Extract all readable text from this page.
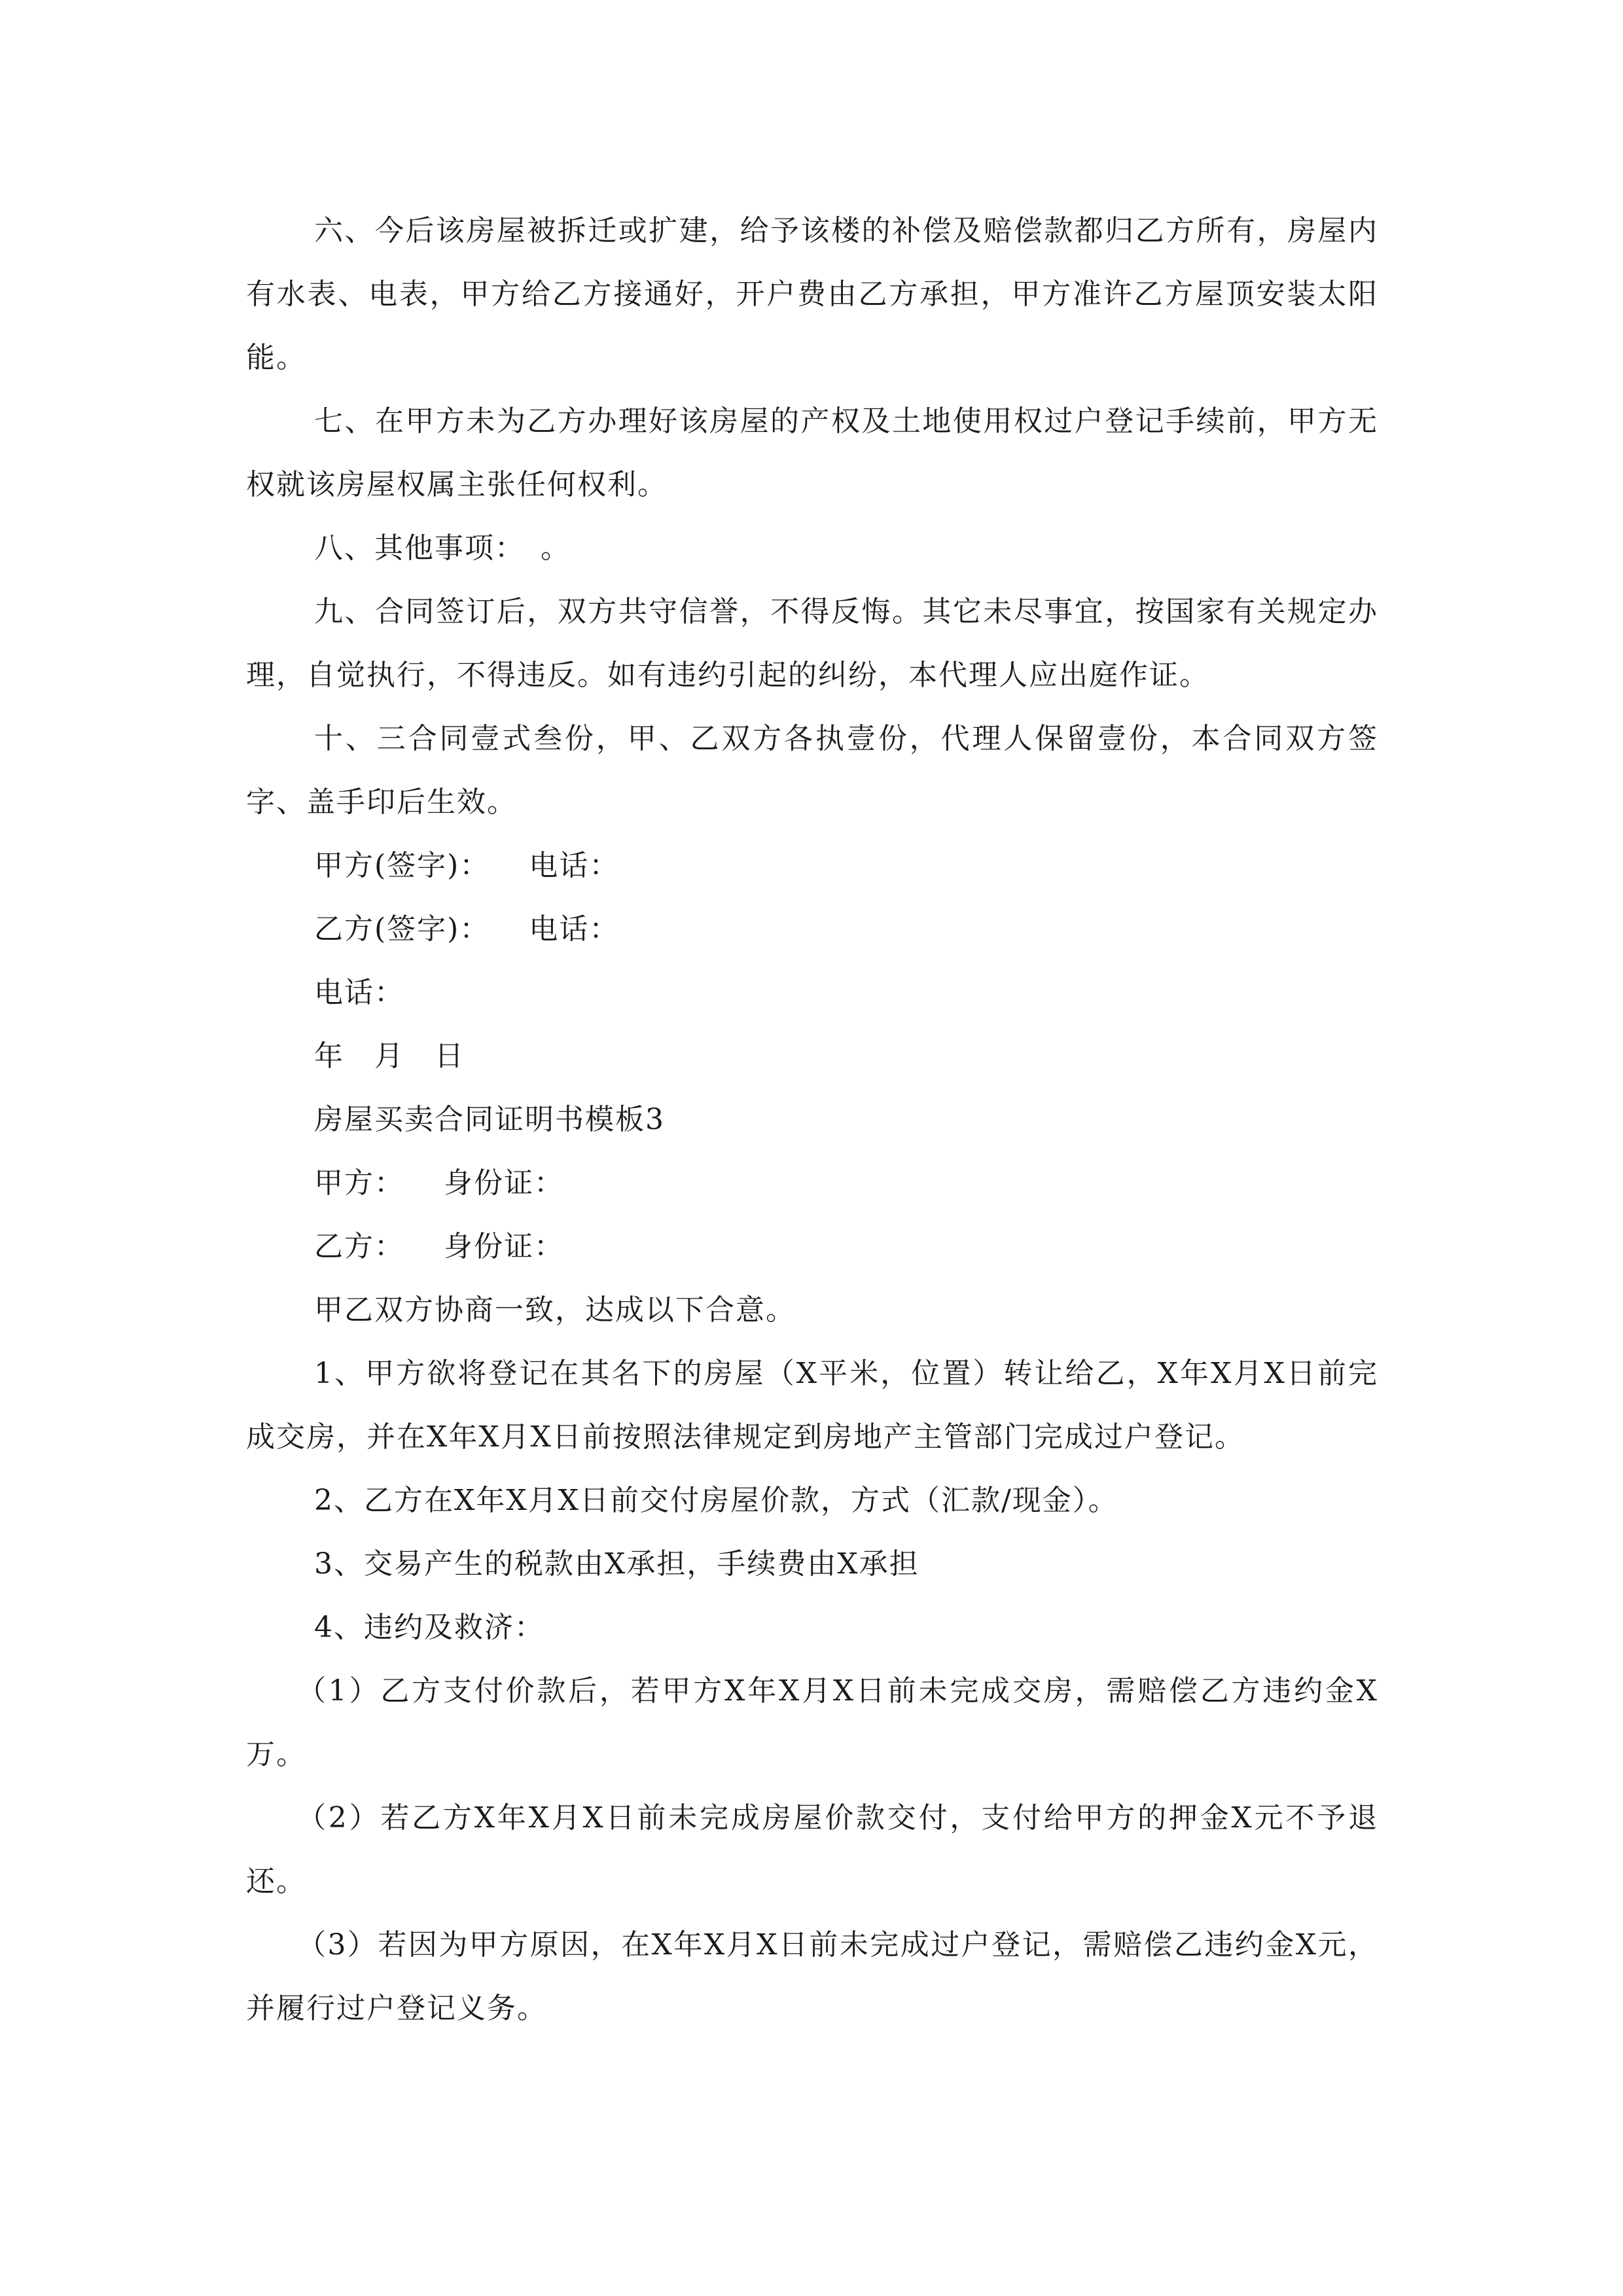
六、今后该房屋被拆迁或扩建，给予该楼的补偿及赔偿款都归乙方所有，房屋内有水表、电表，甲方给乙方接通好，开户费由乙方承担，甲方准许乙方屋顶安装太阳能。

七、在甲方未为乙方办理好该房屋的产权及土地使用权过户登记手续前，甲方无权就该房屋权属主张任何权利。

八、其他事项：　。

九、合同签订后，双方共守信誉，不得反悔。其它未尽事宜，按国家有关规定办理，自觉执行，不得违反。如有违约引起的纠纷，本代理人应出庭作证。

十、三合同壹式叁份，甲、乙双方各执壹份，代理人保留壹份，本合同双方签字、盖手印后生效。

甲方(签字)： 电话：

乙方(签字)： 电话：

电话：

年　月　日

房屋买卖合同证明书模板3

甲方： 身份证：

乙方： 身份证：

甲乙双方协商一致，达成以下合意。

1、甲方欲将登记在其名下的房屋（X平米，位置）转让给乙，X年X月X日前完成交房，并在X年X月X日前按照法律规定到房地产主管部门完成过户登记。

2、乙方在X年X月X日前交付房屋价款，方式（汇款/现金）。

3、交易产生的税款由X承担，手续费由X承担

4、违约及救济：

（1）乙方支付价款后，若甲方X年X月X日前未完成交房，需赔偿乙方违约金X万。

（2）若乙方X年X月X日前未完成房屋价款交付，支付给甲方的押金X元不予退还。

（3）若因为甲方原因，在X年X月X日前未完成过户登记，需赔偿乙违约金X元，并履行过户登记义务。
